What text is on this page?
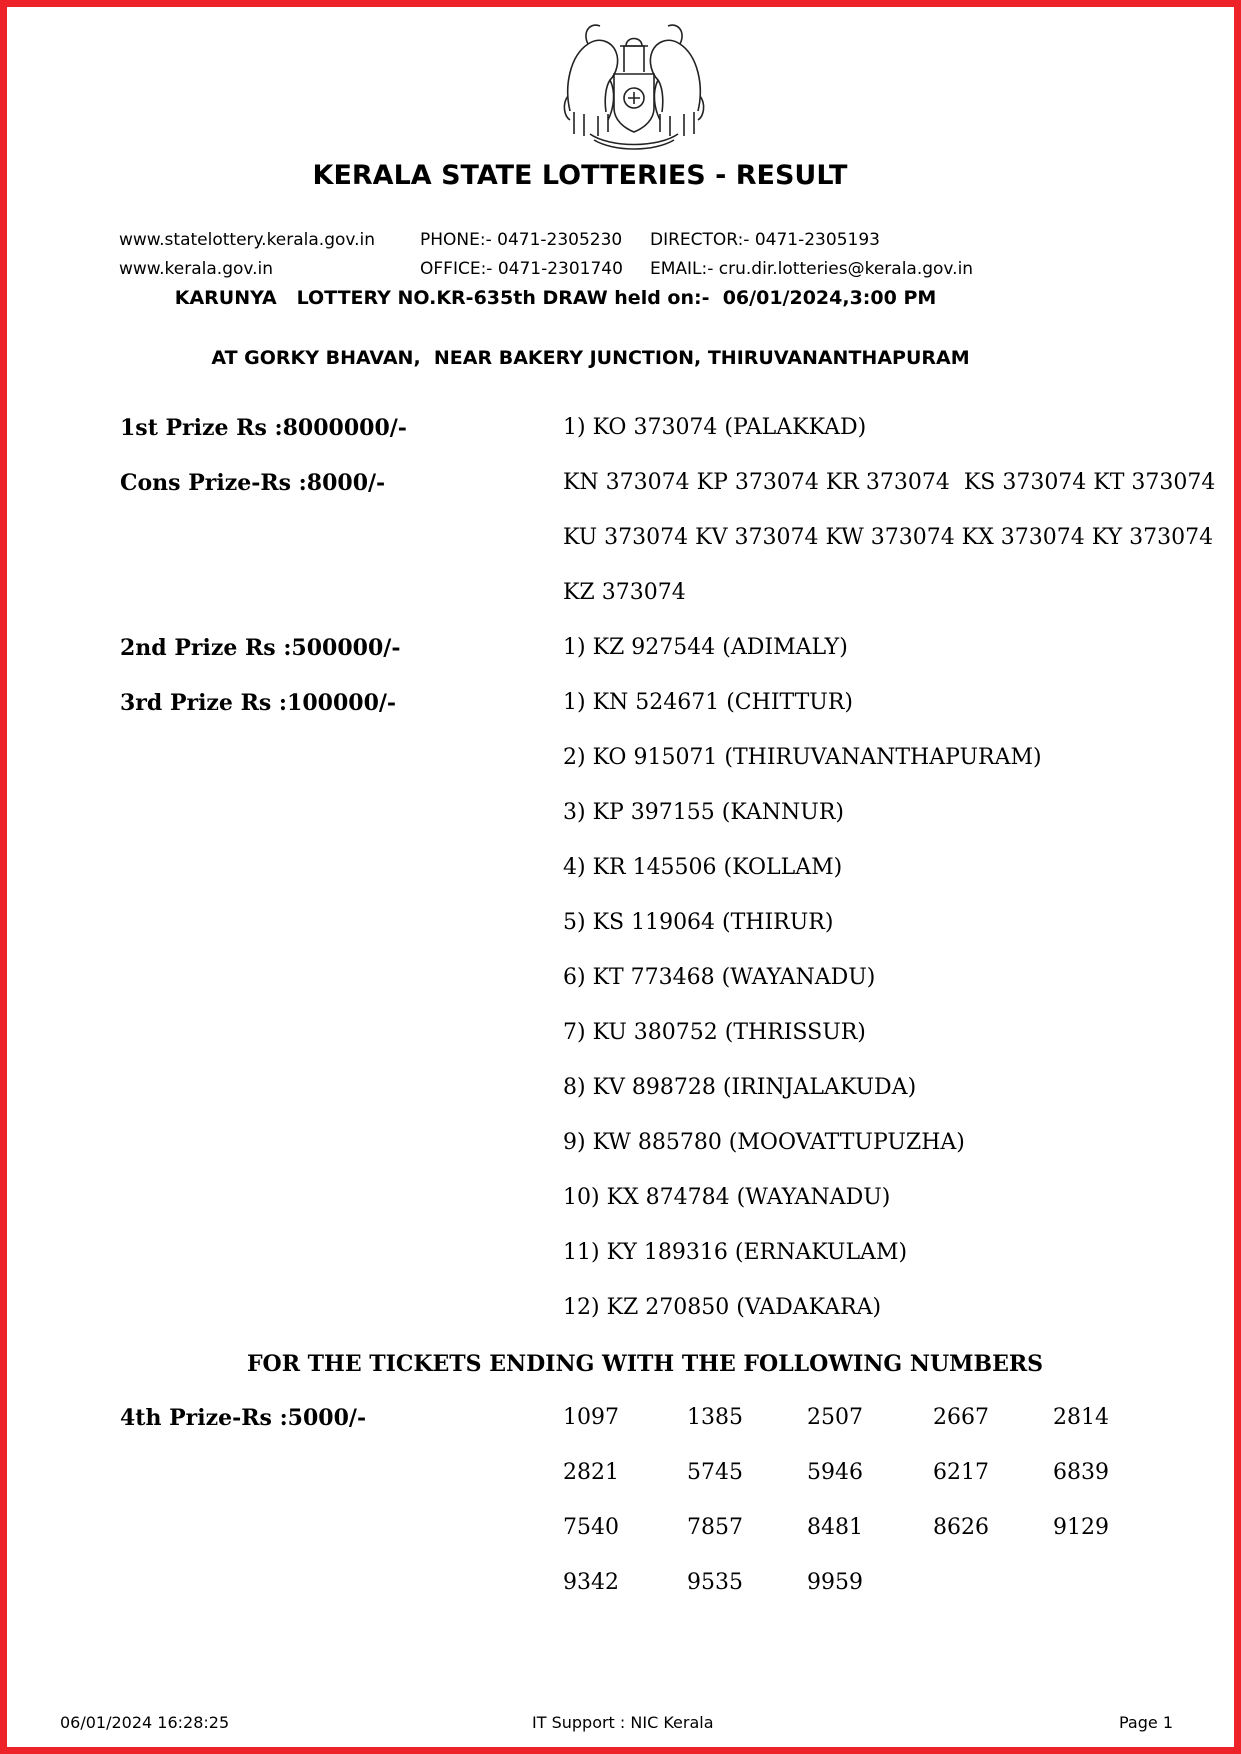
KERALA STATE LOTTERIES - RESULT
www.statelottery.kerala.gov.in
www.kerala.gov.in
PHONE:- 0471-2305230
OFFICE:- 0471-2301740
DIRECTOR:- 0471-2305193
EMAIL:- cru.dir.lotteries@kerala.gov.in
KARUNYA   LOTTERY NO.KR-635th DRAW held on:-  06/01/2024,3:00 PM
AT GORKY BHAVAN,  NEAR BAKERY JUNCTION, THIRUVANANTHAPURAM
1st Prize Rs :8000000/-	1) KO 373074 (PALAKKAD)
Cons Prize-Rs :8000/-	KN 373074 KP 373074 KR 373074  KS 373074 KT 373074
KU 373074 KV 373074 KW 373074 KX 373074 KY 373074
KZ 373074
2nd Prize Rs :500000/-	1) KZ 927544 (ADIMALY)
3rd Prize Rs :100000/-	1) KN 524671 (CHITTUR)
2) KO 915071 (THIRUVANANTHAPURAM)
3) KP 397155 (KANNUR)
4) KR 145506 (KOLLAM)
5) KS 119064 (THIRUR)
6) KT 773468 (WAYANADU)
7) KU 380752 (THRISSUR)
8) KV 898728 (IRINJALAKUDA)
9) KW 885780 (MOOVATTUPUZHA)
10) KX 874784 (WAYANADU)
11) KY 189316 (ERNAKULAM)
12) KZ 270850 (VADAKARA)
FOR THE TICKETS ENDING WITH THE FOLLOWING NUMBERS
4th Prize-Rs :5000/-	1097	1385	2507	2667	2814
2821	5745	5946	6217	6839
7540	7857	8481	8626	9129
9342	9535	9959
06/01/2024 16:28:25	IT Support : NIC Kerala	Page 1
